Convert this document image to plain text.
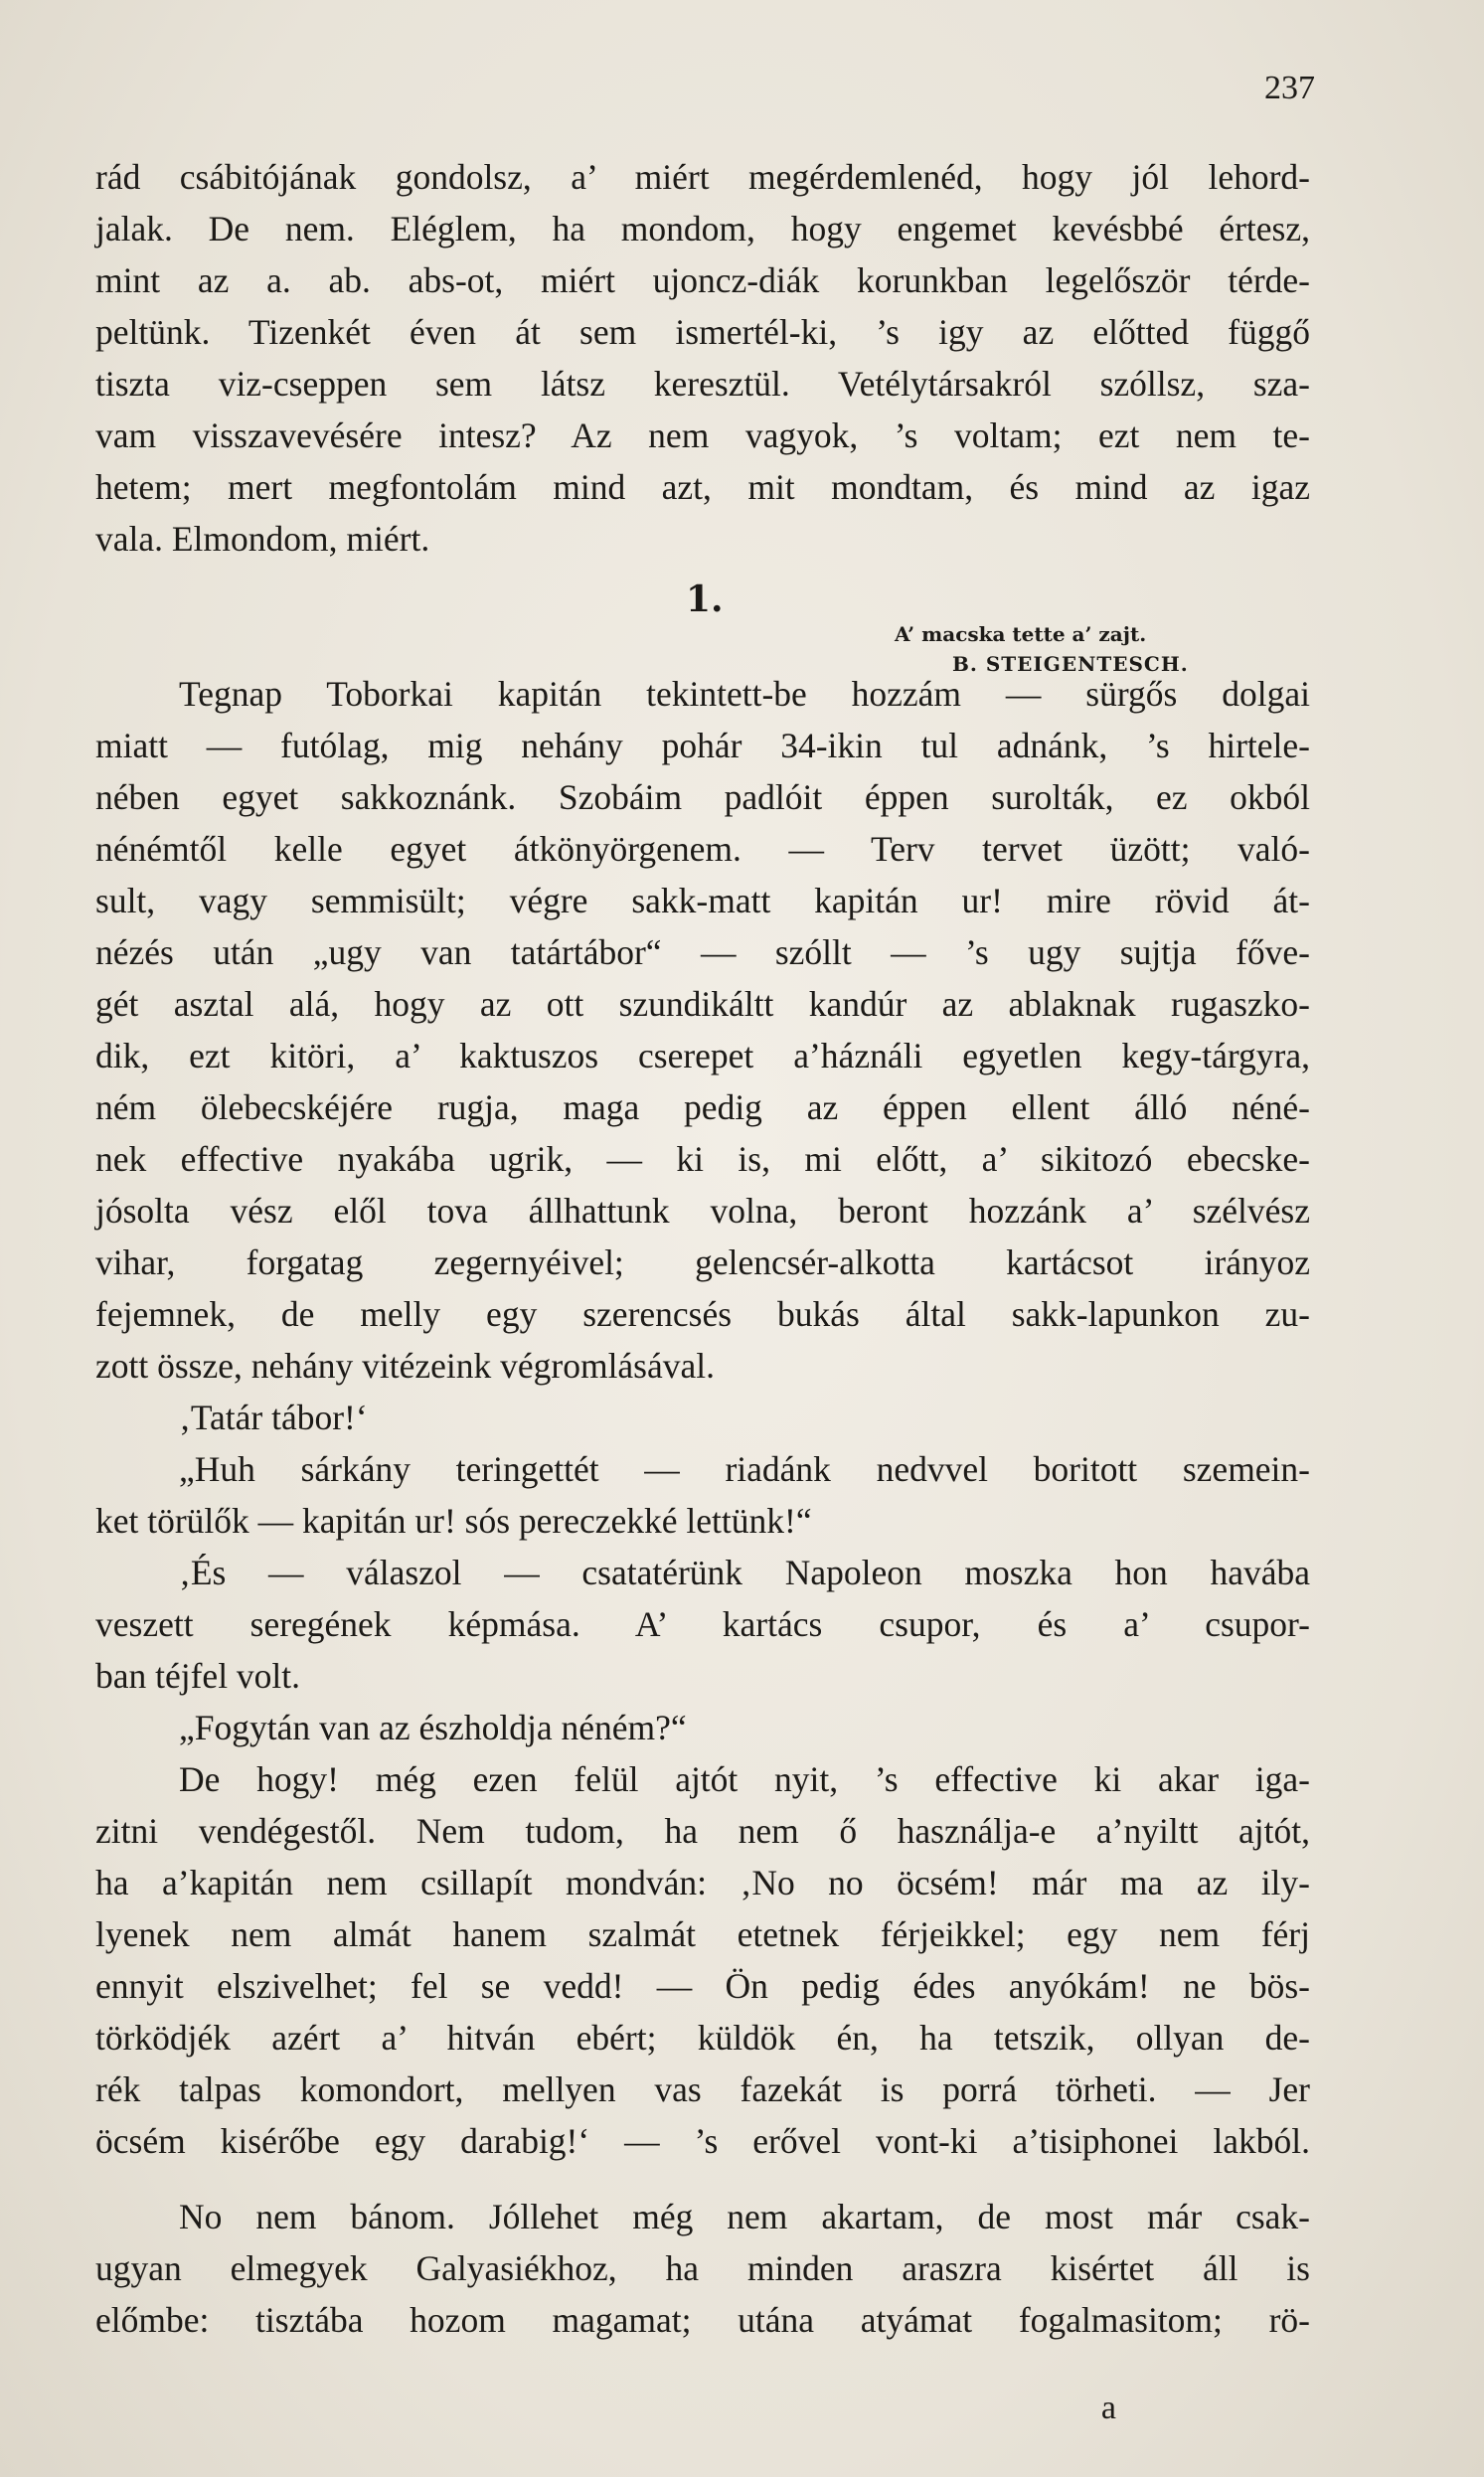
237
rád csábitójának gondolsz, a’ miért megérdemlenéd, hogy jól lehord-
jalak. De nem. Eléglem, ha mondom, hogy engemet kevésbbé értesz,
mint az a. ab. abs-ot, miért ujoncz-diák korunkban legelőször térde-
peltünk. Tizenkét éven át sem ismertél-ki, ’s igy az előtted függő
tiszta viz-cseppen sem látsz keresztül. Vetélytársakról szóllsz, sza-
vam visszavevésére intesz? Az nem vagyok, ’s voltam; ezt nem te-
hetem; mert megfontolám mind azt, mit mondtam, és mind az igaz
vala. Elmondom, miért.
Tegnap Toborkai kapitán tekintett-be hozzám — sürgős dolgai
miatt — futólag, mig nehány pohár 34-ikin tul adnánk, ’s hirtele-
nében egyet sakkoznánk. Szobáim padlóit éppen surolták, ez okból
nénémtől kelle egyet átkönyörgenem. — Terv tervet üzött; való-
sult, vagy semmisült; végre sakk-matt kapitán ur! mire rövid át-
nézés után „ugy van tatártábor“ — szóllt — ’s ugy sujtja főve-
gét asztal alá, hogy az ott szundikáltt kandúr az ablaknak rugaszko-
dik, ezt kitöri, a’ kaktuszos cserepet a’háználi egyetlen kegy-tárgyra,
ném ölebecskéjére rugja, maga pedig az éppen ellent álló néné-
nek effective nyakába ugrik, — ki is, mi előtt, a’ sikitozó ebecske-
jósolta vész elől tova állhattunk volna, beront hozzánk a’ szélvész
vihar, forgatag zegernyéivel; gelencsér-alkotta kartácsot irányoz
fejemnek, de melly egy szerencsés bukás által sakk-lapunkon zu-
zott össze, nehány vitézeink végromlásával.
‚Tatár tábor!‘
„Huh sárkány teringettét — riadánk nedvvel boritott szemein-
ket törülők — kapitán ur! sós pereczekké lettünk!“
‚És — válaszol — csatatérünk Napoleon moszka hon havába
veszett seregének képmása. A’ kartács csupor, és a’ csupor-
ban téjfel volt.
„Fogytán van az észholdja néném?“
De hogy! még ezen felül ajtót nyit, ’s effective ki akar iga-
zitni vendégestől. Nem tudom, ha nem ő használja-e a’nyiltt ajtót,
ha a’kapitán nem csillapít mondván: ‚No no öcsém! már ma az ily-
lyenek nem almát hanem szalmát etetnek férjeikkel; egy nem férj
ennyit elszivelhet; fel se vedd! — Ön pedig édes anyókám! ne bös-
törködjék azért a’ hitván ebért; küldök én, ha tetszik, ollyan de-
rék talpas komondort, mellyen vas fazekát is porrá törheti. — Jer
öcsém kisérőbe egy darabig!‘ — ’s erővel vont-ki a’tisiphonei lakból.
No nem bánom. Jóllehet még nem akartam, de most már csak-
ugyan elmegyek Galyasiékhoz, ha minden araszra kisértet áll is
előmbe: tisztába hozom magamat; utána atyámat fogalmasitom; rö-
1.
A’ macska tette a’ zajt.
B. STEIGENTESCH.
a
